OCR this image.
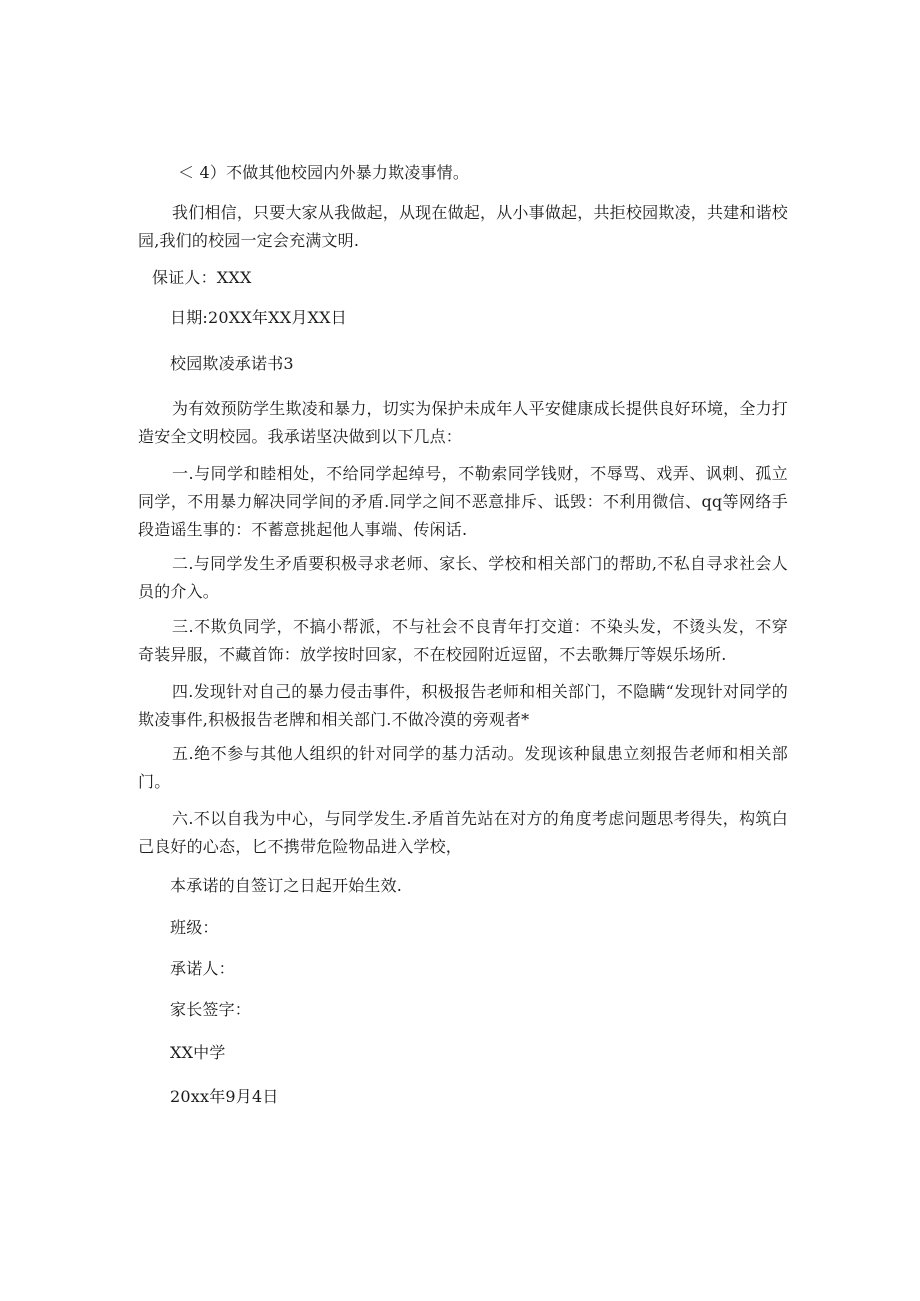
＜ 4）不做其他校园内外暴力欺凌事情。
我们相信，只要大家从我做起，从现在做起，从小事做起，共拒校园欺凌，共建和谐校园,我们的校园一定会充满文明.
保证人：XXX
日期:20XX年XX月XX日
校园欺凌承诺书3
为有效预防学生欺凌和暴力，切实为保护未成年人平安健康成长提供良好环境，全力打造安全文明校园。我承诺坚决做到以下几点：
一.与同学和睦相处，不给同学起绰号，不勒索同学钱财，不辱骂、戏弄、讽刺、孤立同学，不用暴力解决同学间的矛盾.同学之间不恶意排斥、诋毁：不利用微信、qq等网络手段造谣生事的：不蓄意挑起他人事端、传闲话.
二.与同学发生矛盾要积极寻求老师、家长、学校和相关部门的帮助,不私自寻求社会人员的介入。
三.不欺负同学，不搞小帮派，不与社会不良青年打交道：不染头发，不烫头发，不穿奇装异服，不藏首饰：放学按时回家，不在校园附近逗留，不去歌舞厅等娱乐场所.
四.发现针对自己的暴力侵击事件，积极报告老师和相关部门，不隐瞒“发现针对同学的欺凌事件,积极报告老牌和相关部门.不做冷漠的旁观者*
五.绝不参与其他人组织的针对同学的基力活动。发现该种鼠患立刻报告老师和相关部门。
六.不以自我为中心，与同学发生.矛盾首先站在对方的角度考虑问题思考得失，构筑白己良好的心态，匕不携带危险物品进入学校，
本承诺的自签订之日起开始生效.
班级：
承诺人：
家长签字：
XX中学
20xx年9月4日
